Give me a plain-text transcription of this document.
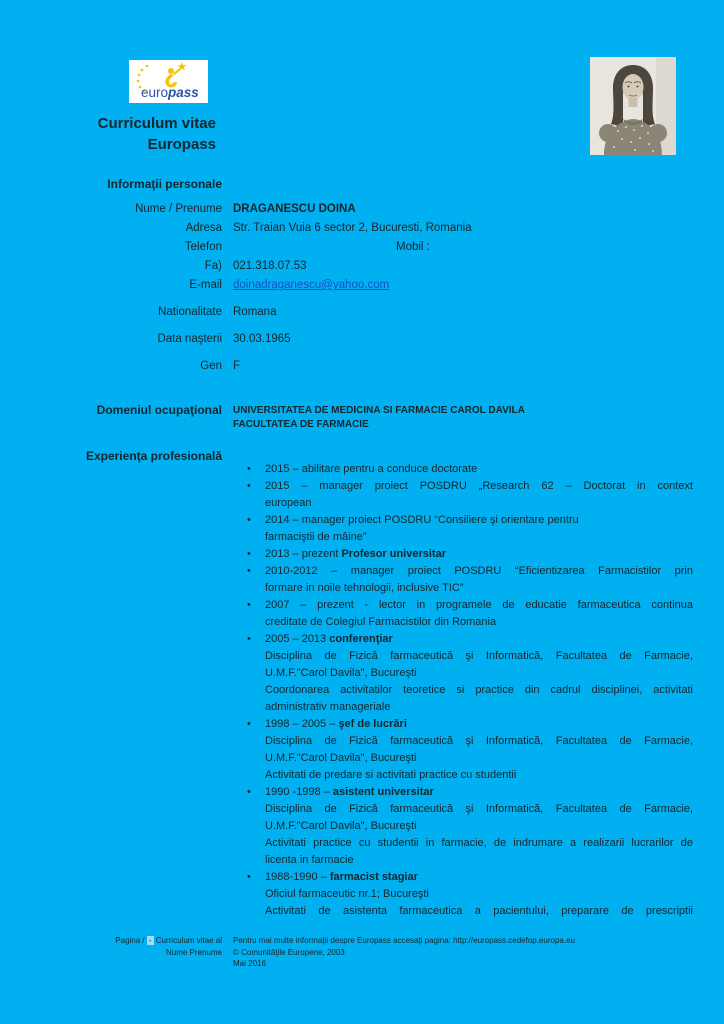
europass
Curriculum vitae
Europass
Informaţii personale
Nume / Prenume DRAGANESCU DOINA
Adresa Str. Traian Vuia 6 sector 2, Bucuresti, Romania
Telefon	Mobil :
Fa) 021.318.07.53
E-mail doinadraganescu@yahoo.com
Nationalitate Romana
Data naşterii 30.03.1965
Gen F
Domeniul ocupaţional UNIVERSITATEA DE MEDICINA SI FARMACIE CAROL DAVILA
FACULTATEA DE FARMACIE
Experienţa profesională
• 2015 – abilitare pentru a conduce doctorate
• 2015 – manager proiect POSDRU „Research 62 – Doctorat in context
european
• 2014 – manager proiect POSDRU “Consiliere şi orientare pentru
farmaciştii de mâine”
• 2013 – prezent Profesor universitar
• 2010-2012 – manager proiect POSDRU “Eficientizarea Farmacistilor prin
formare in noile tehnologii, inclusive TIC”
• 2007 – prezent - lector in programele de educatie farmaceutica continua
creditate de Colegiul Farmacistilor din Romania
• 2005 – 2013 conferenţiar
Disciplina de Fizică farmaceutică şi Informatică, Facultatea de Farmacie,
U.M.F."Carol Davila", Bucureşti
Coordonarea activitatilor teoretice si practice din cadrul disciplinei, activitati
administrativ manageriale
• 1998 – 2005 – şef de lucrări
Disciplina de Fizică farmaceutică şi Informatică, Facultatea de Farmacie,
U.M.F."Carol Davila", Bucureşti
Activitati de predare si activitati practice cu studentii
• 1990 -1998 – asistent universitar
Disciplina de Fizică farmaceutică şi Informatică, Facultatea de Farmacie,
U.M.F."Carol Davila", Bucureşti
Activitati practice cu studentii in farmacie, de indrumare a realizarii lucrarilor de
licenta in farmacie
• 1988-1990 – farmacist stagiar
Oficiul farmaceutic nr.1; Bucureşti
Activitati de asistenta farmaceutica a pacientului, preparare de prescriptii
Pagina / - Curriculum vitae al
Nume Prenume
Pentru mai multe informaţii despre Europass accesaţi pagina: http://europass.cedefop.europa.eu
© Comunităţile Europene, 2003
Mai 2016
